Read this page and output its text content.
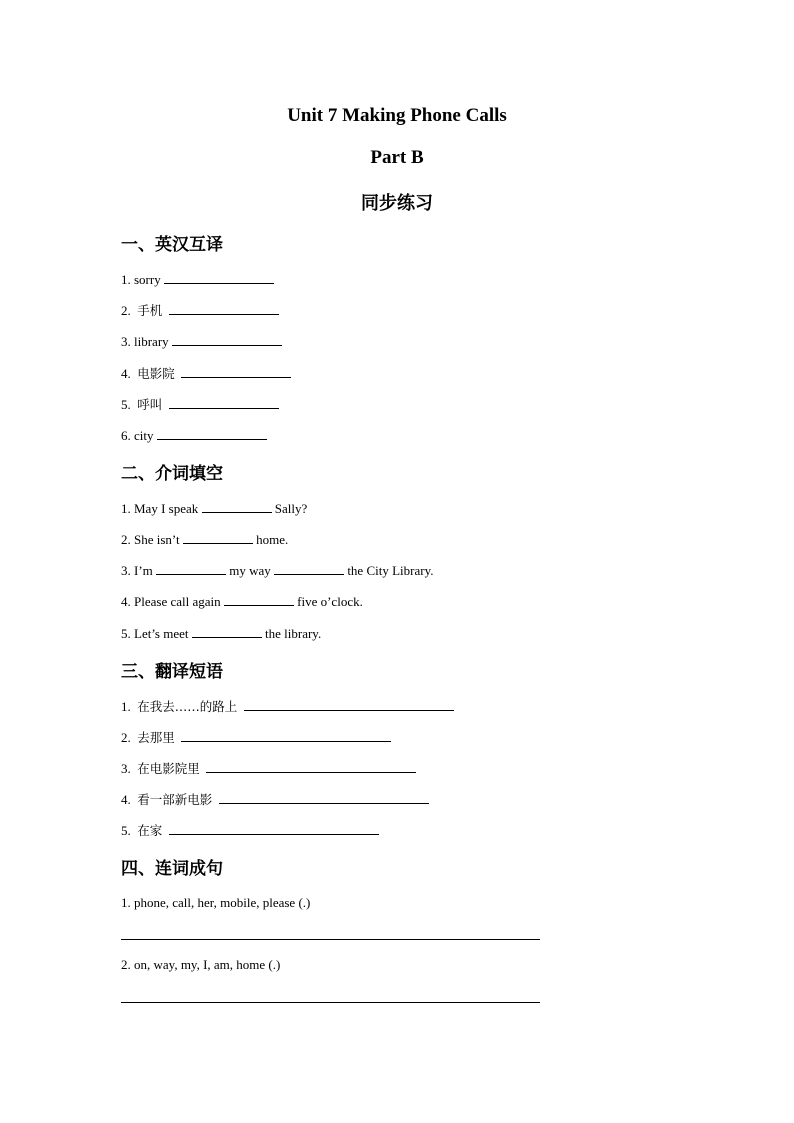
Unit 7 Making Phone Calls
Part B
同步练习
一、英汉互译
1. sorry
2. 手机
3. library
4. 电影院
5. 呼叫
6. city
二、介词填空
1. May I speak	Sally?
2. She isn’t	home.
3. I’m	my way	the City Library.
4. Please call again	five o’clock.
5. Let’s meet	the library.
三、翻译短语
1. 在我去……的路上
2. 去那里
3. 在电影院里
4. 看一部新电影
5. 在家
四、连词成句
1. phone, call, her, mobile, please (.)
2. on, way, my, I, am, home (.)
